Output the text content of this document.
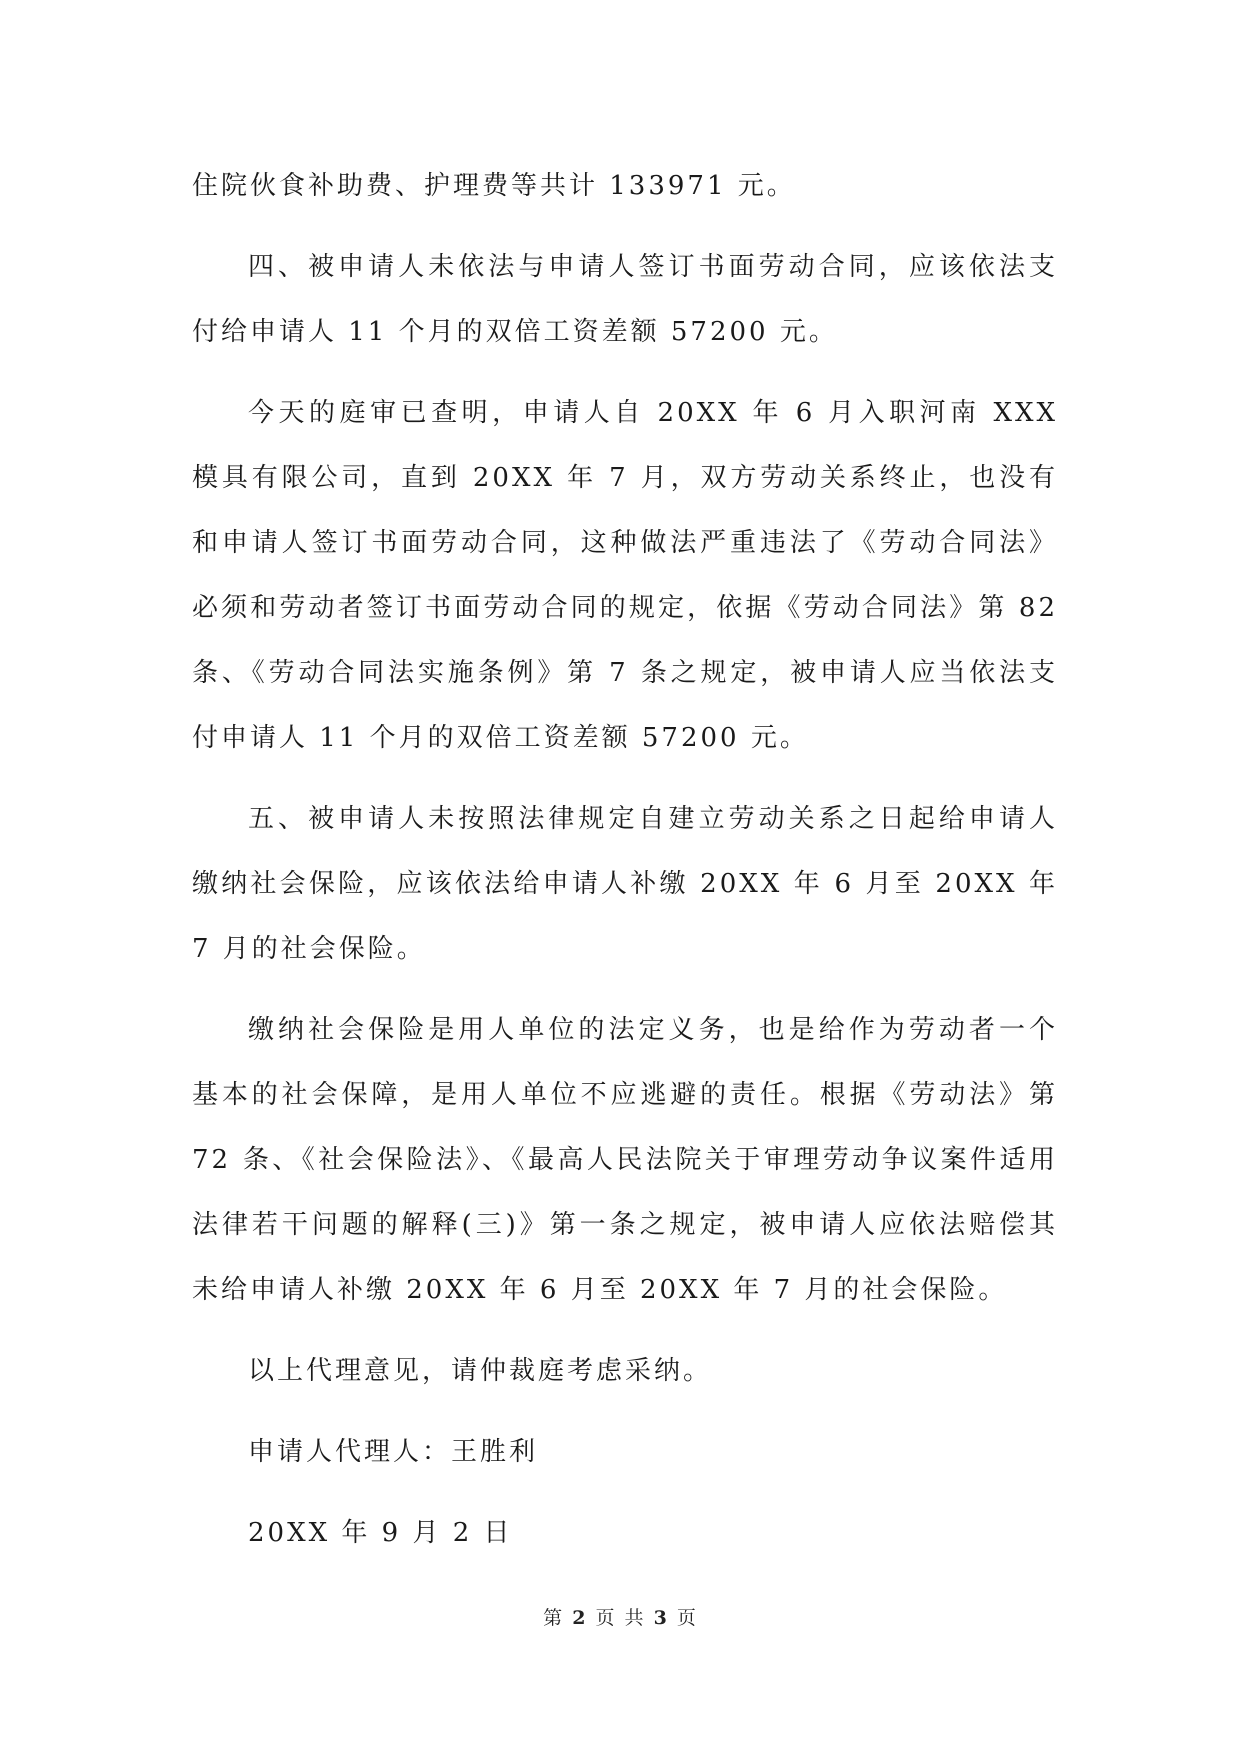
住院伙食补助费、护理费等共计 133971 元。

四、被申请人未依法与申请人签订书面劳动合同，应该依法支付给申请人 11 个月的双倍工资差额 57200 元。

今天的庭审已查明，申请人自 20XX 年 6 月入职河南 XXX 模具有限公司，直到 20XX 年 7 月，双方劳动关系终止，也没有和申请人签订书面劳动合同，这种做法严重违法了《劳动合同法》必须和劳动者签订书面劳动合同的规定，依据《劳动合同法》第 82 条、《劳动合同法实施条例》第 7 条之规定，被申请人应当依法支付申请人 11 个月的双倍工资差额 57200 元。

五、被申请人未按照法律规定自建立劳动关系之日起给申请人缴纳社会保险，应该依法给申请人补缴 20XX 年 6 月至 20XX 年 7 月的社会保险。

缴纳社会保险是用人单位的法定义务，也是给作为劳动者一个基本的社会保障，是用人单位不应逃避的责任。根据《劳动法》第 72 条、《社会保险法》、《最高人民法院关于审理劳动争议案件适用法律若干问题的解释(三)》第一条之规定，被申请人应依法赔偿其未给申请人补缴 20XX 年 6 月至 20XX 年 7 月的社会保险。

以上代理意见，请仲裁庭考虑采纳。

申请人代理人：王胜利

20XX 年 9 月 2 日

第 2 页 共 3 页
